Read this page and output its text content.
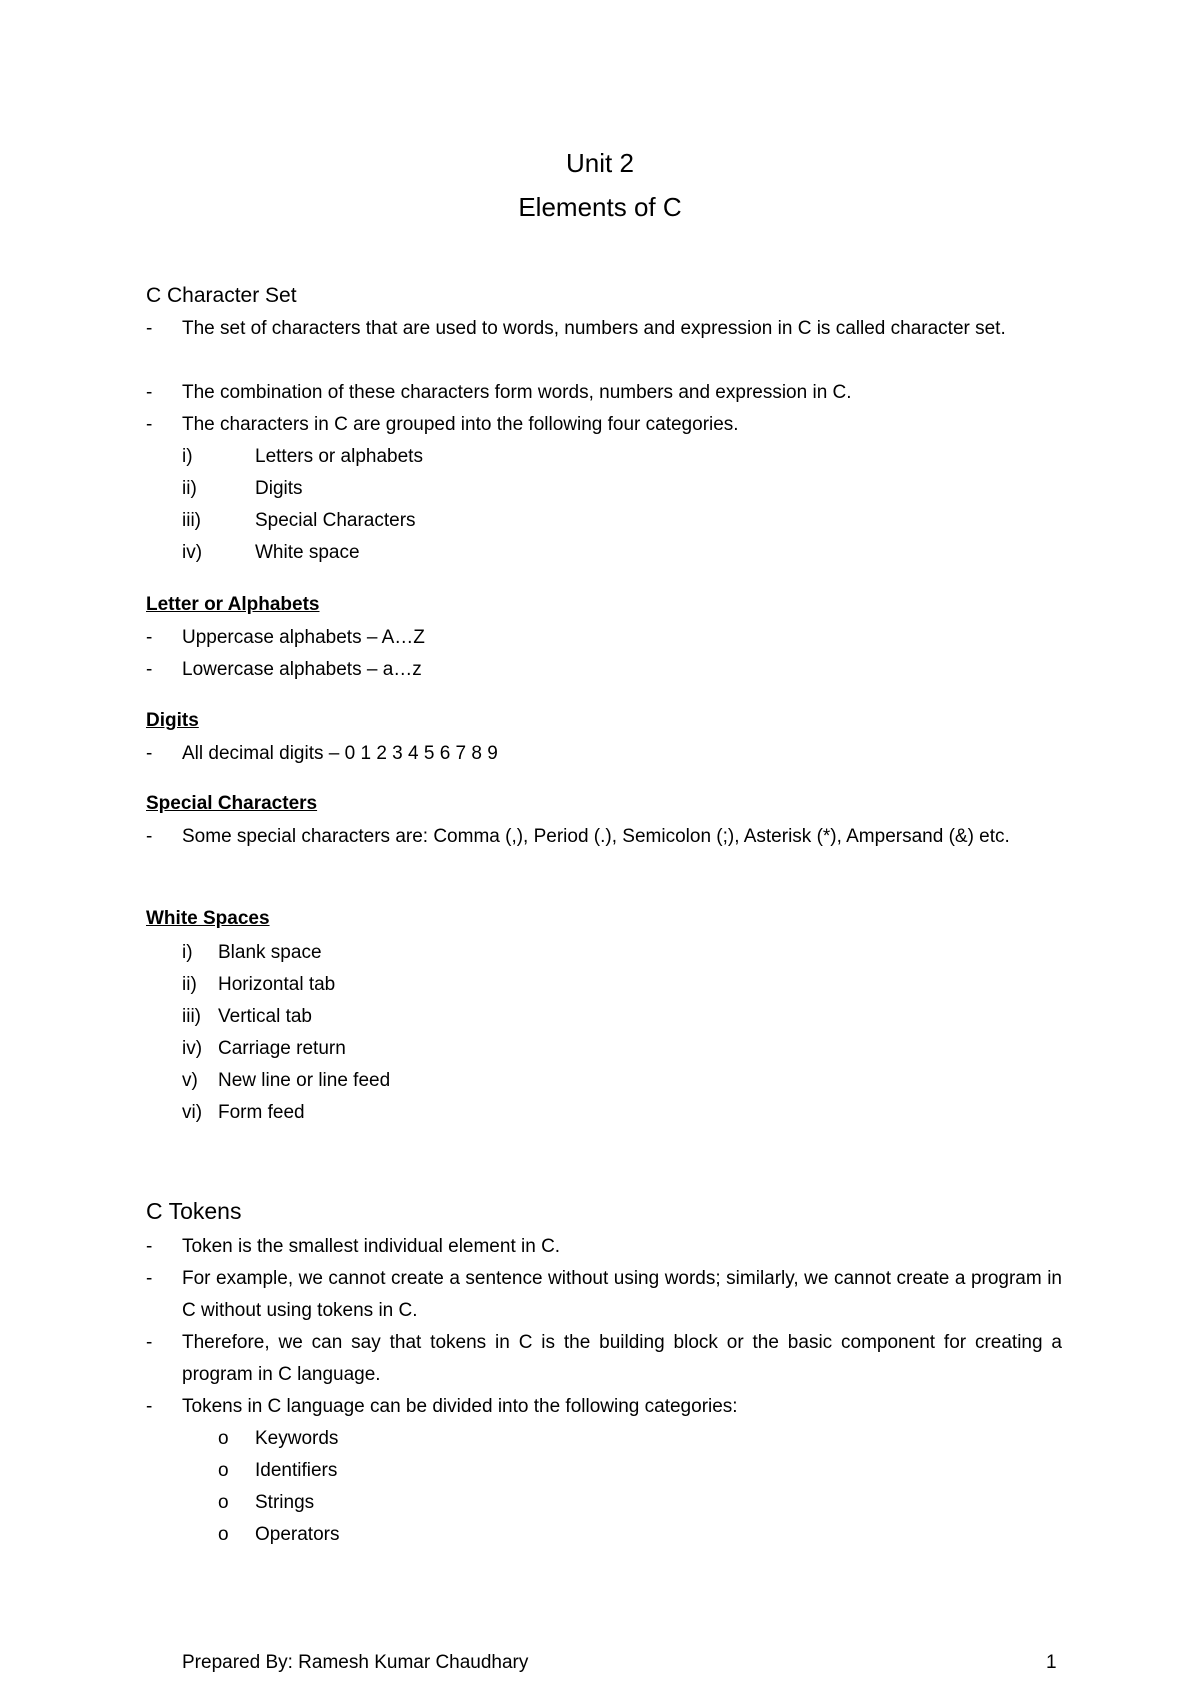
Unit 2
Elements of C
C Character Set
-	The set of characters that are used to words, numbers and expression in C is called character set.
-	The combination of these characters form words, numbers and expression in C.
-	The characters in C are grouped into the following four categories.
i)	Letters or alphabets
ii)	Digits
iii)	Special Characters
iv)	White space
Letter or Alphabets
-	Uppercase alphabets – A…Z
-	Lowercase alphabets – a…z
Digits
-	All decimal digits – 0 1 2 3 4 5 6 7 8 9
Special Characters
-	Some special characters are: Comma (,), Period (.), Semicolon (;), Asterisk (*), Ampersand (&) etc.
White Spaces
i) Blank space
ii) Horizontal tab
iii) Vertical tab
iv) Carriage return
v) New line or line feed
vi) Form feed
C Tokens
-	Token is the smallest individual element in C.
-	For example, we cannot create a sentence without using words; similarly, we cannot create a program in C without using tokens in C.
-	Therefore, we can say that tokens in C is the building block or the basic component for creating a program in C language.
-	Tokens in C language can be divided into the following categories:
o Keywords
o Identifiers
o Strings
o Operators
Prepared By: Ramesh Kumar Chaudhary	1
